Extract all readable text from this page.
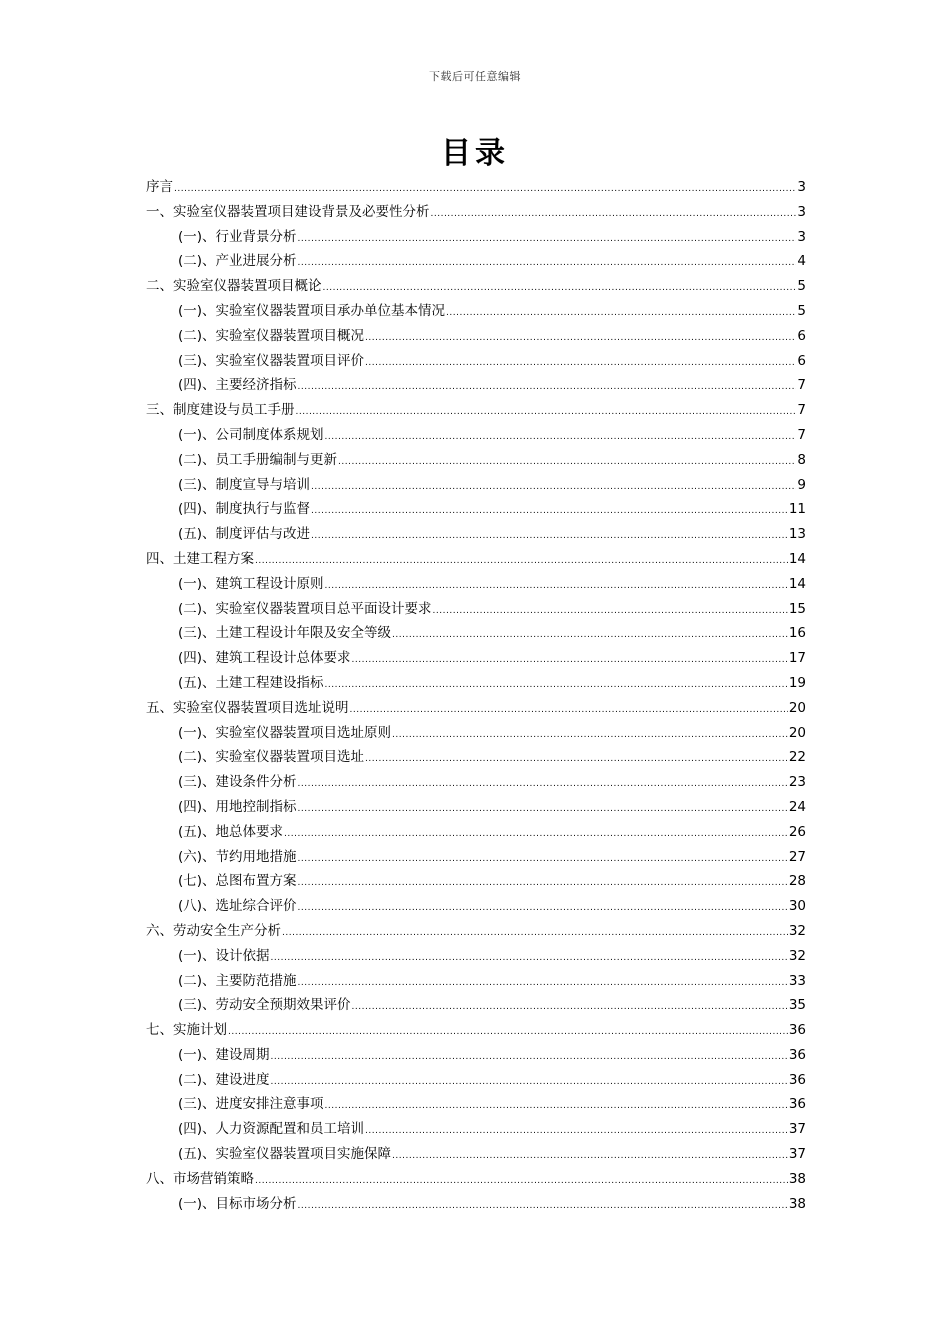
下载后可任意编辑
目录
序言 .....	3
一、实验室仪器装置项目建设背景及必要性分析 .....	3
(一)、行业背景分析 .....	3
(二)、产业进展分析 .....	4
二、实验室仪器装置项目概论 .....	5
(一)、实验室仪器装置项目承办单位基本情况 .....	5
(二)、实验室仪器装置项目概况 .....	6
(三)、实验室仪器装置项目评价 .....	6
(四)、主要经济指标 .....	7
三、制度建设与员工手册 .....	7
(一)、公司制度体系规划 .....	7
(二)、员工手册编制与更新 .....	8
(三)、制度宣导与培训 .....	9
(四)、制度执行与监督 .....	11
(五)、制度评估与改进 .....	13
四、土建工程方案 .....	14
(一)、建筑工程设计原则 .....	14
(二)、实验室仪器装置项目总平面设计要求 .....	15
(三)、土建工程设计年限及安全等级 .....	16
(四)、建筑工程设计总体要求 .....	17
(五)、土建工程建设指标 .....	19
五、实验室仪器装置项目选址说明 .....	20
(一)、实验室仪器装置项目选址原则 .....	20
(二)、实验室仪器装置项目选址 .....	22
(三)、建设条件分析 .....	23
(四)、用地控制指标 .....	24
(五)、地总体要求 .....	26
(六)、节约用地措施 .....	27
(七)、总图布置方案 .....	28
(八)、选址综合评价 .....	30
六、劳动安全生产分析 .....	32
(一)、设计依据 .....	32
(二)、主要防范措施 .....	33
(三)、劳动安全预期效果评价 .....	35
七、实施计划 .....	36
(一)、建设周期 .....	36
(二)、建设进度 .....	36
(三)、进度安排注意事项 .....	36
(四)、人力资源配置和员工培训 .....	37
(五)、实验室仪器装置项目实施保障 .....	37
八、市场营销策略 .....	38
(一)、目标市场分析 .....	38
